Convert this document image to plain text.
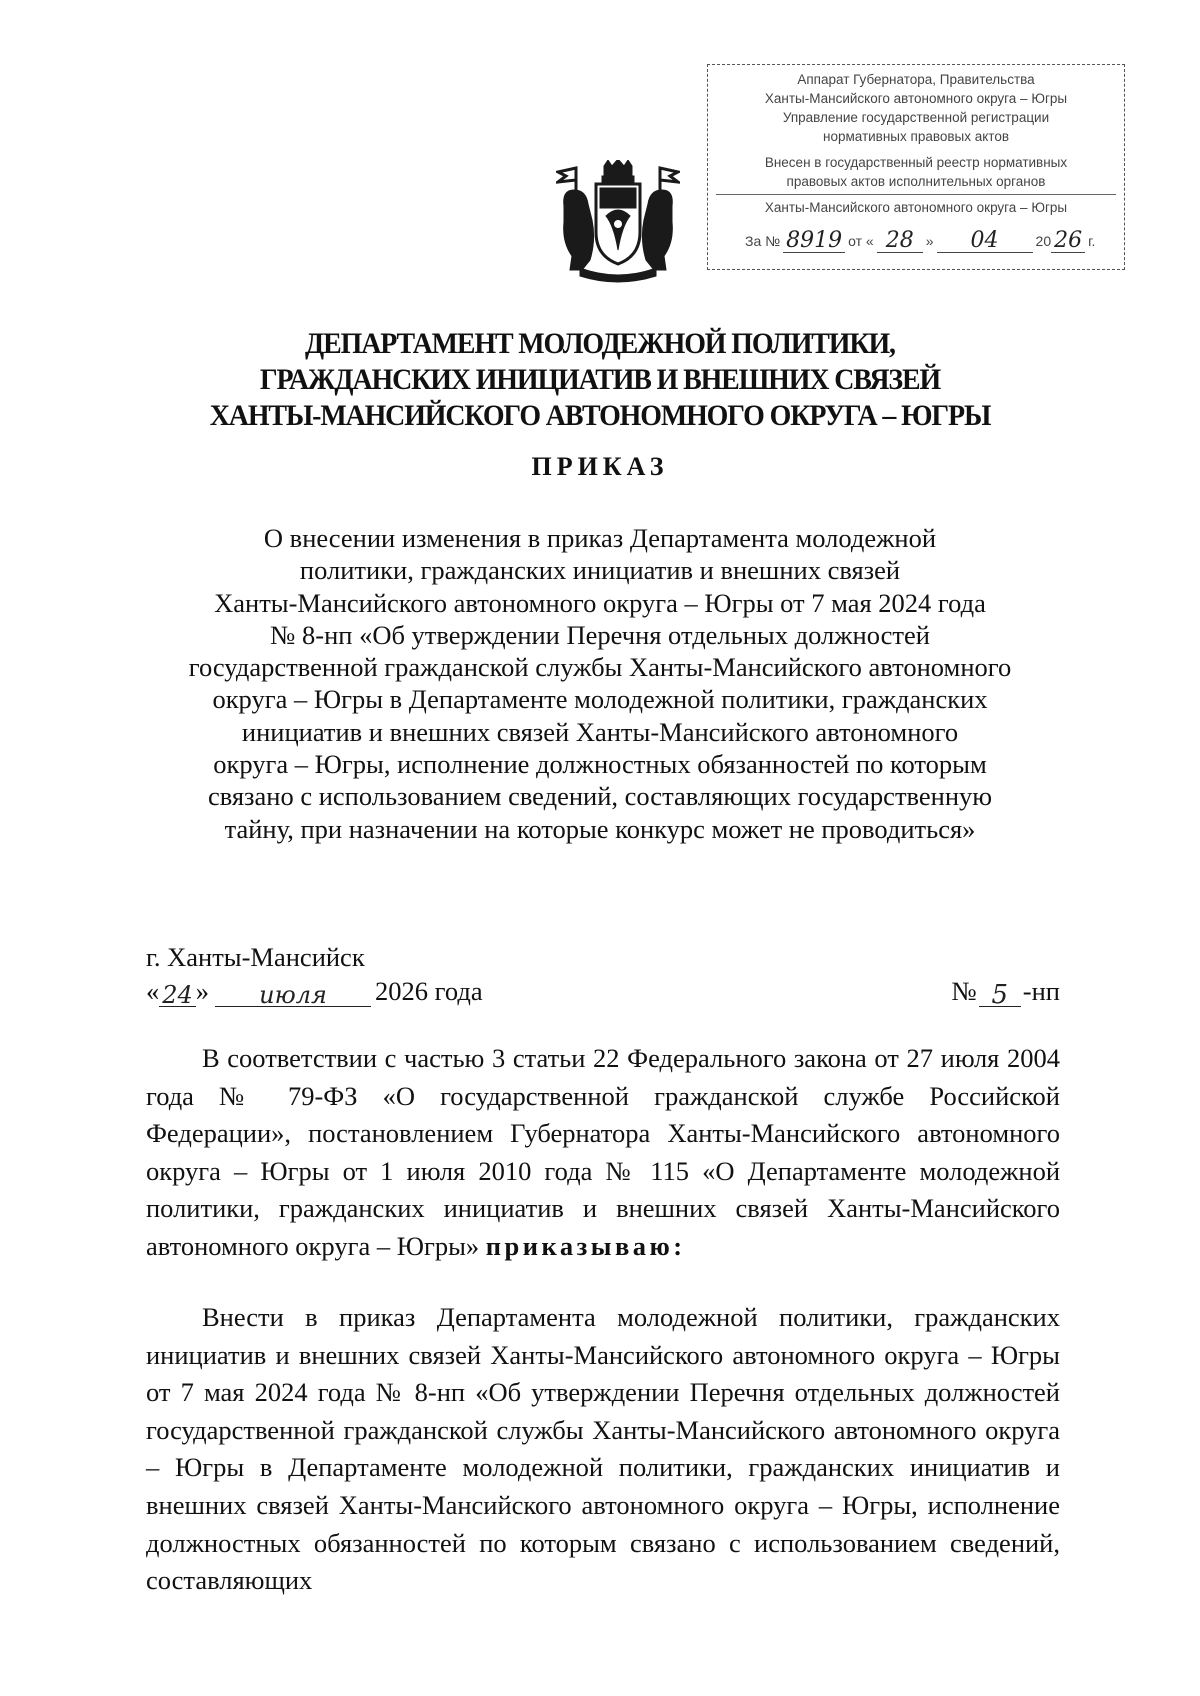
Аппарат Губернатора, Правительства
Ханты-Мансийского автономного округа – Югры
Управление государственной регистрации
нормативных правовых актов
Внесен в государственный реестр нормативных
правовых актов исполнительных органов
Ханты-Мансийского автономного округа – Югры
За № 8919 от « 28 »	04	20 26 г.
ДЕПАРТАМЕНТ МОЛОДЕЖНОЙ ПОЛИТИКИ,
ГРАЖДАНСКИХ ИНИЦИАТИВ И ВНЕШНИХ СВЯЗЕЙ
ХАНТЫ-МАНСИЙСКОГО АВТОНОМНОГО ОКРУГА – ЮГРЫ
ПРИКАЗ
О внесении изменения в приказ Департамента молодежной
политики, гражданских инициатив и внешних связей
Ханты-Мансийского автономного округа – Югры от 7 мая 2024 года
№ 8-нп «Об утверждении Перечня отдельных должностей
государственной гражданской службы Ханты-Мансийского автономного
округа – Югры в Департаменте молодежной политики, гражданских
инициатив и внешних связей Ханты-Мансийского автономного
округа – Югры, исполнение должностных обязанностей по которым
связано с использованием сведений, составляющих государственную
тайну, при назначении на которые конкурс может не проводиться»
г. Ханты-Мансийск
« 24 »	июля	2026 года	№ 5 -нп
В соответствии с частью 3 статьи 22 Федерального закона от 27 июля 2004 года № 79-ФЗ «О государственной гражданской службе Российской Федерации», постановлением Губернатора Ханты-Мансийского автономного округа – Югры от 1 июля 2010 года № 115 «О Департаменте молодежной политики, гражданских инициатив и внешних связей Ханты-Мансийского автономного округа – Югры» приказываю:
Внести в приказ Департамента молодежной политики, гражданских инициатив и внешних связей Ханты-Мансийского автономного округа – Югры от 7 мая 2024 года № 8-нп «Об утверждении Перечня отдельных должностей государственной гражданской службы Ханты-Мансийского автономного округа – Югры в Департаменте молодежной политики, гражданских инициатив и внешних связей Ханты-Мансийского автономного округа – Югры, исполнение должностных обязанностей по которым связано с использованием сведений, составляющих
